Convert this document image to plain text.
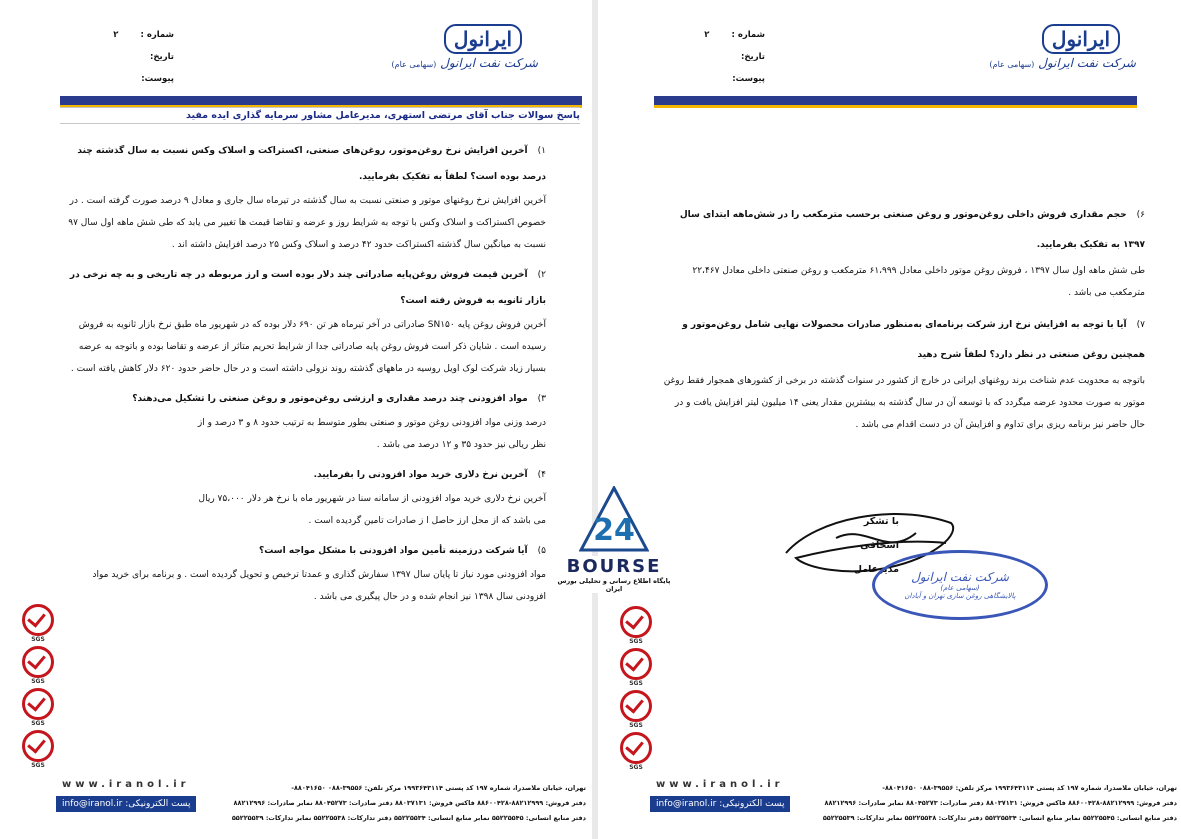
شماره :۲
تاریخ:
پیوست:
ایرانول
شرکت نفت ایرانول (سهامی عام)
پاسخ سوالات جناب آقای مرتضی استهری، مدیرعامل مشاور سرمایه گذاری ایده مفید
۱)آخرین افزایش نرخ روغن‌موتور، روغن‌های صنعتی، اکستراکت و اسلاک وکس نسبت به سال گذشته چند درصد بوده است؟ لطفاً به تفکیک بفرمایید.
آخرین افزایش نرخ روغنهای موتور و صنعتی نسبت به سال گذشته در تیرماه سال جاری و معادل ۹ درصد صورت گرفته است . در خصوص اکستراکت و اسلاک وکس با توجه به شرایط روز و عرضه و تقاضا قیمت ها تغییر می یابد که طی شش ماهه اول سال ۹۷ نسبت به میانگین سال گذشته اکستراکت حدود ۴۲ درصد و اسلاک وکس ۲۵ درصد افزایش داشته اند .
۲)آخرین قیمت فروش روغن‌پایه صادراتی چند دلار بوده است و ارز مربوطه در چه تاریخی و به چه نرخی در بازار ثانویه به فروش رفته است؟
آخرین فروش روغن پایه SN۱۵۰ صادراتی در آخر تیرماه هر تن ۶۹۰ دلار بوده که در شهریور ماه طبق نرخ بازار ثانویه به فروش رسیده است . شایان ذکر است فروش روغن پایه صادراتی جدا از شرایط تحریم متاثر از عرضه و تقاضا بوده و باتوجه به عرضه بسیار زیاد شرکت لوک اویل روسیه در ماههای گذشته روند نزولی داشته است و در حال حاضر حدود ۶۲۰ دلار کاهش یافته است .
۳)مواد افزودنی چند درصد مقداری و ارزشی روغن‌موتور و روغن صنعتی را تشکیل می‌دهند؟
درصد وزنی مواد افزودنی روغن موتور و صنعتی بطور متوسط به ترتیب حدود ۸ و ۳ درصد و از نظر ریالی نیز حدود ۳۵ و ۱۲ درصد می باشد .
۴)آخرین نرخ دلاری خرید مواد افزودنی را بفرمایید.
آخرین نرخ دلاری خرید مواد افزودنی از سامانه سنا در شهریور ماه با نرخ هر دلار ۷۵،۰۰۰ ریال می باشد که از محل ارز حاصل ا ز صادرات تامین گردیده است .
۵)آیا شرکت درزمینه تأمین مواد افزودنی با مشکل مواجه است؟
مواد افزودنی مورد نیاز تا پایان سال ۱۳۹۷ سفارش گذاری و عمدتا ترخیص و تحویل گردیده است . و برنامه برای خرید مواد افزودنی سال ۱۳۹۸ نیز انجام شده و در حال پیگیری می باشد .
SGS
SGS
SGS
SGS
www.iranol.ir
پست الکترونیکی: info@iranol.ir
تهران، خیابان ملاصدرا، شماره ۱۹۷ کد پستی ۱۹۹۳۶۴۳۱۱۴ مرکز تلفن: ۳۹۵۵۶-۰۸۸ ۸۸۰۴۱۶۵۰-
دفتر فروش: ۸۸۲۱۲۹۹۹-۸۸۶۰۰۴۲۸ فاکس فروش: ۸۸۰۳۷۱۳۱ دفتر صادرات: ۸۸۰۴۵۲۷۳ نمابر صادرات: ۸۸۲۱۲۹۹۶
دفتر منابع انسانی: ۵۵۲۲۵۵۴۵ نمابر منابع انسانی: ۵۵۲۲۵۵۳۴ دفتر تدارکات: ۵۵۲۲۵۵۳۸ نمابر تدارکات: ۵۵۲۲۵۵۳۹
شماره :۲
تاریخ:
پیوست:
ایرانول
شرکت نفت ایرانول (سهامی عام)
۶)حجم مقداری فروش داخلی روغن‌موتور و روغن صنعتی برحسب مترمکعب را در شش‌ماهه ابتدای سال ۱۳۹۷ به تفکیک بفرمایید.
طی شش ماهه اول سال ۱۳۹۷ ، فروش روغن موتور داخلی معادل ۶۱،۹۹۹ مترمکعب و روغن صنعتی داخلی معادل ۲۲،۴۶۷ مترمکعب می باشد .
۷)آیا با توجه به افزایش نرخ ارز شرکت برنامه‌ای به‌منظور صادرات محصولات نهایی شامل روغن‌موتور و همچنین روغن صنعتی در نظر دارد؟ لطفاً شرح دهید
باتوجه به محدویت عدم شناخت برند روغنهای ایرانی در خارج از کشور در سنوات گذشته در برخی از کشورهای همجوار فقط روغن موتور به صورت محدود عرضه میگردد که با توسعه آن در سال گذشته به بیشترین مقدار یعنی ۱۴ میلیون لیتر افزایش یافت و در حال حاضر نیز برنامه ریزی برای تداوم و افزایش آن در دست اقدام می باشد .
با تشکر
اسحاقی
مدیرعامل
شرکت نفت ایرانول
(سهامی عام)
پالایشگاهی روغن سازی تهران و آبادان
SGS
SGS
SGS
SGS
www.iranol.ir
پست الکترونیکی: info@iranol.ir
تهران، خیابان ملاصدرا، شماره ۱۹۷ کد پستی ۱۹۹۳۶۴۳۱۱۴ مرکز تلفن: ۳۹۵۵۶-۰۸۸ ۸۸۰۴۱۶۵۰-
دفتر فروش: ۸۸۲۱۲۹۹۹-۸۸۶۰۰۴۲۸ فاکس فروش: ۸۸۰۳۷۱۳۱ دفتر صادرات: ۸۸۰۴۵۲۷۳ نمابر صادرات: ۸۸۲۱۲۹۹۶
دفتر منابع انسانی: ۵۵۲۲۵۵۴۵ نمابر منابع انسانی: ۵۵۲۲۵۵۳۴ دفتر تدارکات: ۵۵۲۲۵۵۳۸ نمابر تدارکات: ۵۵۲۲۵۵۳۹
24
BOURSE
پایگاه اطلاع رسانی و تحلیلی بورس ایران
